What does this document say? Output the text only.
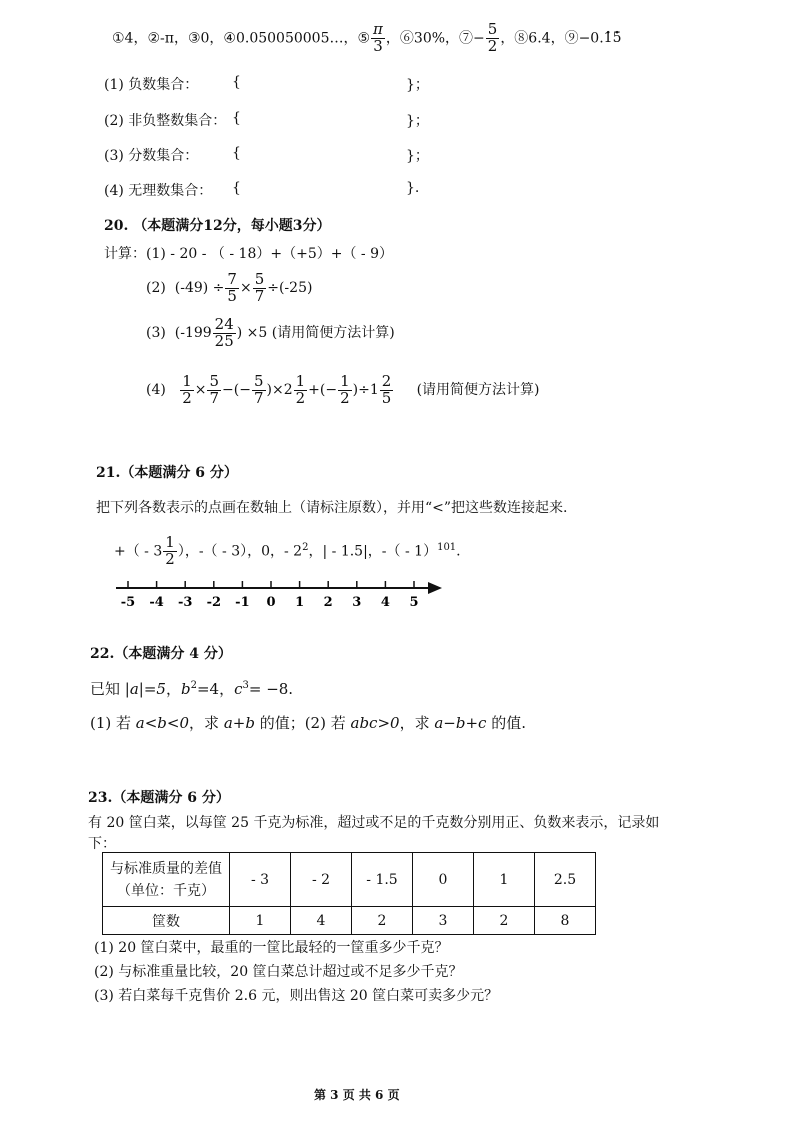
①4，②-π，③0，④0.050050005…，⑤ $\frac{\pi}{3}$ ，⑥30%，⑦− $\frac{5}{2}$ ，⑧6.4，⑨−0.1 ·5 ·
(1) 负数集合： {	}；
(2) 非负整数集合： {	}；
(3) 分数集合： {	}；
(4) 无理数集合： {	}.
20. （本题满分12分，每小题3分）
计算： (1) - 20 - （ - 18）+（+5）+（ - 9）
(2) $(-49) \div \frac{7}{5} \times \frac{5}{7} \div(-25)$
(3) ($-199 \frac{24}{25}$ ) ×5 (请用简便方法计算)
$(4) \frac{1}{2} \times \frac{5}{7}$ −(− $\frac{5}{7} )\times 2 \frac{1}{2}$ +(− $\frac{1}{2} )\div 1 \frac{2}{5}$ (请用简便方法计算)
21.（本题满分 6 分）
把下列各数表示的点画在数轴上（请标注原数），并用“<”把这些数连接起来.
+（ - $3 \frac{1}{2}$ ），-（ - 3），0，- $2^2$，| - 1.5|，-（ - 1）$^{101}$.
-5 -4 -3 -2 -1 0 1 2 3 4 5
22.（本题满分 4 分）
已知 |a|=5，$b^2=4$，$c^3= -8$.
(1) 若 a<b<0，求 a+b 的值；(2) 若 abc>0，求 a−b+c 的值.
23.（本题满分 6 分）
有 20 筐白菜，以每筐 25 千克为标准，超过或不足的千克数分别用正、负数来表示，记录如
下：
与标准质量的差值
（单位：千克）	- 3	- 2	- 1.5	0	1	2.5
筐数	1	4	2	3	2	8
(1) 20 筐白菜中，最重的一筐比最轻的一筐重多少千克？
(2) 与标准重量比较，20 筐白菜总计超过或不足多少千克？
(3) 若白菜每千克售价 2.6 元，则出售这 20 筐白菜可卖多少元？
第 3 页 共 6 页
